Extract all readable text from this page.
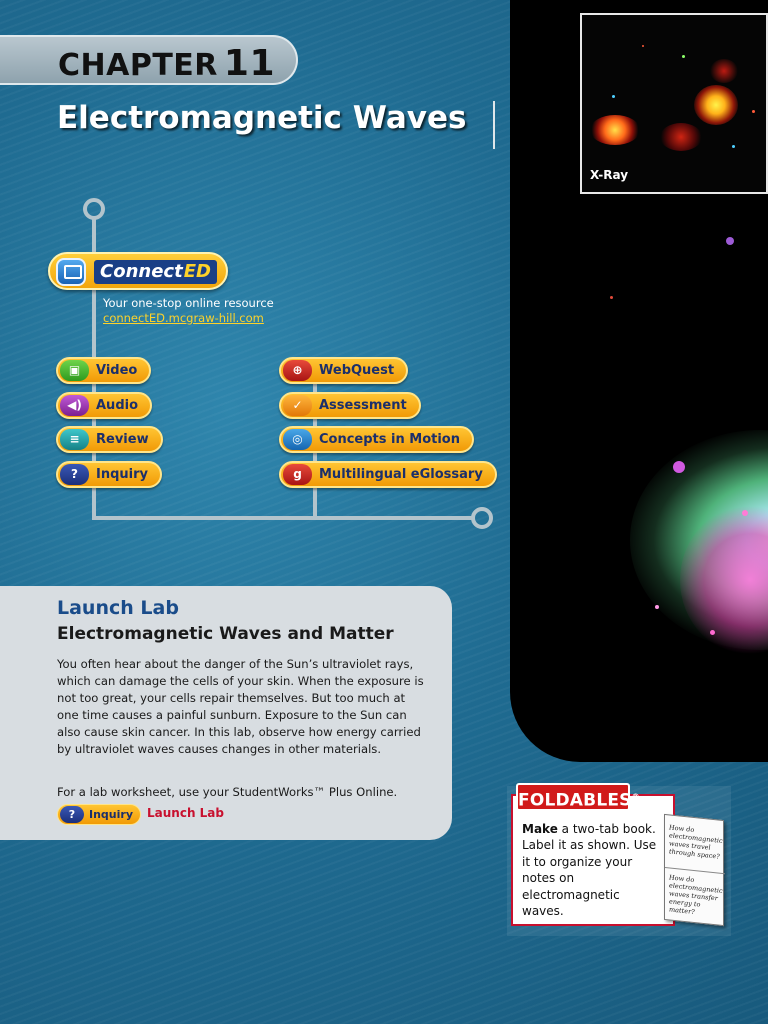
CHAPTER 11
Electromagnetic Waves
X-Ray
ConnectED
Your one-stop online resource
connectED.mcgraw-hill.com
▣	Video
◀)	Audio
≡	Review
?	Inquiry
⊕	WebQuest
✓	Assessment
◎	Concepts in Motion
g	Multilingual eGlossary
Launch Lab
Electromagnetic Waves and Matter
You often hear about the danger of the Sun’s ultraviolet rays, which can damage the cells of your skin. When the exposure is not too great, your cells repair themselves. But too much at one time causes a painful sunburn. Exposure to the Sun can also cause skin cancer. In this lab, observe how energy carried by ultraviolet waves causes changes in other materials.
For a lab worksheet, use your StudentWorks™ Plus Online.
?	Inquiry	Launch Lab
FOLDABLES®
Make a two-tab book. Label it as shown. Use it to organize your notes on electromagnetic waves.
How do electromagnetic waves travel through space?
How do electromagnetic waves transfer energy to matter?
